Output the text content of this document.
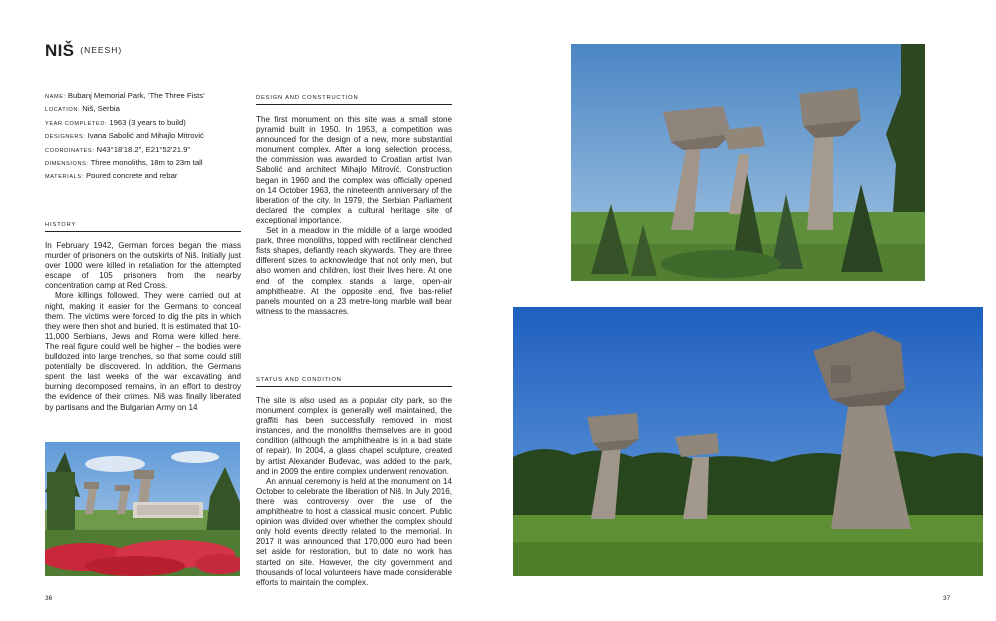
NIŠ (NEESH)
NAME: Bubanj Memorial Park, ‘The Three Fists’
LOCATION: Niš, Serbia
YEAR COMPLETED: 1963 (3 years to build)
DESIGNERS: Ivana Sabolić and Mihajlo Mitrović
COORDINATES: N43°18'18.2", E21°52'21.9"
DIMENSIONS: Three monoliths, 18m to 23m tall
MATERIALS: Poured concrete and rebar
HISTORY

In February 1942, German forces began the mass murder of prisoners on the outskirts of Niš. Initially just over 1000 were killed in retaliation for the attempted escape of 105 prisoners from the nearby concentration camp at Red Cross.

More killings followed. They were carried out at night, making it easier for the Germans to conceal them. The victims were forced to dig the pits in which they were then shot and buried. It is estimated that 10-11,000 Serbians, Jews and Roma were killed here. The real figure could well be higher – the bodies were bulldozed into large trenches, so that some could still potentially be discovered. In addition, the Germans spent the last weeks of the war excavating and burning decomposed remains, in an effort to destroy the evidence of their crimes. Niš was finally liberated by partisans and the Bulgarian Army on 14

36
DESIGN AND CONSTRUCTION

The first monument on this site was a small stone pyramid built in 1950. In 1953, a competition was announced for the design of a new, more substantial monument complex. After a long selection process, the commission was awarded to Croatian artist Ivan Sabolić and architect Mihajlo Mitrović. Construction began in 1960 and the complex was officially opened on 14 October 1963, the nineteenth anniversary of the liberation of the city. In 1979, the Serbian Parliament declared the complex a cultural heritage site of exceptional importance.

Set in a meadow in the middle of a large wooded park, three monoliths, topped with rectilinear clenched fists shapes, defiantly reach skywards. They are three different sizes to acknowledge that not only men, but also women and children, lost their lives here. At one end of the complex stands a large, open-air amphitheatre. At the opposite end, five bas-relief panels mounted on a 23 metre-long marble wall bear witness to the massacres.

STATUS AND CONDITION

The site is also used as a popular city park, so the monument complex is generally well maintained, the graffiti has been successfully removed in most instances, and the monoliths themselves are in good condition (although the amphitheatre is in a bad state of repair). In 2004, a glass chapel sculpture, created by artist Alexander Buđevac, was added to the park, and in 2009 the entire complex underwent renovation.

An annual ceremony is held at the monument on 14 October to celebrate the liberation of Niš. In July 2016, there was controversy over the use of the amphitheatre to host a classical music concert. Public opinion was divided over whether the complex should only hold events directly related to the memorial. In 2017 it was announced that 170,000 euro had been set aside for restoration, but to date no work has started on site. However, the city government and thousands of local volunteers have made considerable efforts to maintain the complex.

37
